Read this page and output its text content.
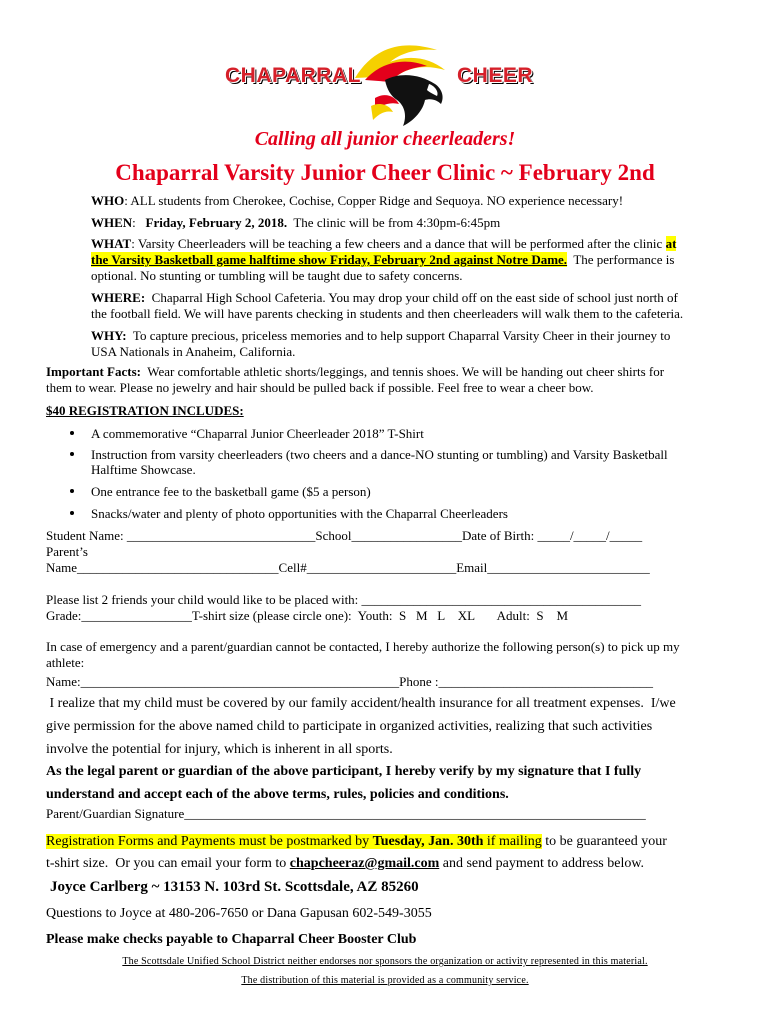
CHAPARRAL	CHEER
Calling all junior cheerleaders!
Chaparral Varsity Junior Cheer Clinic ~ February 2nd
WHO: ALL students from Cherokee, Cochise, Copper Ridge and Sequoya. NO experience necessary!
WHEN:   Friday, February 2, 2018. The clinic will be from 4:30pm-6:45pm
WHAT: Varsity Cheerleaders will be teaching a few cheers and a dance that will be performed after the clinic at
the Varsity Basketball game halftime show Friday, February 2nd against Notre Dame. The performance is
optional. No stunting or tumbling will be taught due to safety concerns.
WHERE: Chaparral High School Cafeteria. You may drop your child off on the east side of school just north of
the football field. We will have parents checking in students and then cheerleaders will walk them to the cafeteria.
WHY: To capture precious, priceless memories and to help support Chaparral Varsity Cheer in their journey to
USA Nationals in Anaheim, California.
Important Facts: Wear comfortable athletic shorts/leggings, and tennis shoes. We will be handing out cheer shirts for
them to wear. Please no jewelry and hair should be pulled back if possible. Feel free to wear a cheer bow.
$40 REGISTRATION INCLUDES:
A commemorative “Chaparral Junior Cheerleader 2018” T-Shirt
Instruction from varsity cheerleaders (two cheers and a dance-NO stunting or tumbling) and Varsity Basketball
Halftime Showcase.
One entrance fee to the basketball game ($5 a person)
Snacks/water and plenty of photo opportunities with the Chaparral Cheerleaders
Student Name: _____________________________School_________________Date of Birth: _____/_____/_____
Parent’s
Name_______________________________Cell#_______________________Email_________________________
Please list 2 friends your child would like to be placed with: ___________________________________________
Grade:_________________T-shirt size (please circle one):  Youth:  S   M   L    XL       Adult:  S    M
In case of emergency and a parent/guardian cannot be contacted, I hereby authorize the following person(s) to pick up my
athlete:
Name:_________________________________________________Phone :_________________________________
I realize that my child must be covered by our family accident/health insurance for all treatment expenses.  I/we
give permission for the above named child to participate in organized activities, realizing that such activities
involve the potential for injury, which is inherent in all sports.
As the legal parent or guardian of the above participant, I hereby verify by my signature that I fully
understand and accept each of the above terms, rules, policies and conditions.
Parent/Guardian Signature_______________________________________________________________________
Registration Forms and Payments must be postmarked by Tuesday, Jan. 30th if mailing to be guaranteed your
t-shirt size.  Or you can email your form to chapcheeraz@gmail.com and send payment to address below.
Joyce Carlberg ~ 13153 N. 103rd St. Scottsdale, AZ 85260
Questions to Joyce at 480-206-7650 or Dana Gapusan 602-549-3055
Please make checks payable to Chaparral Cheer Booster Club
The Scottsdale Unified School District neither endorses nor sponsors the organization or activity represented in this material.
The distribution of this material is provided as a community service.
